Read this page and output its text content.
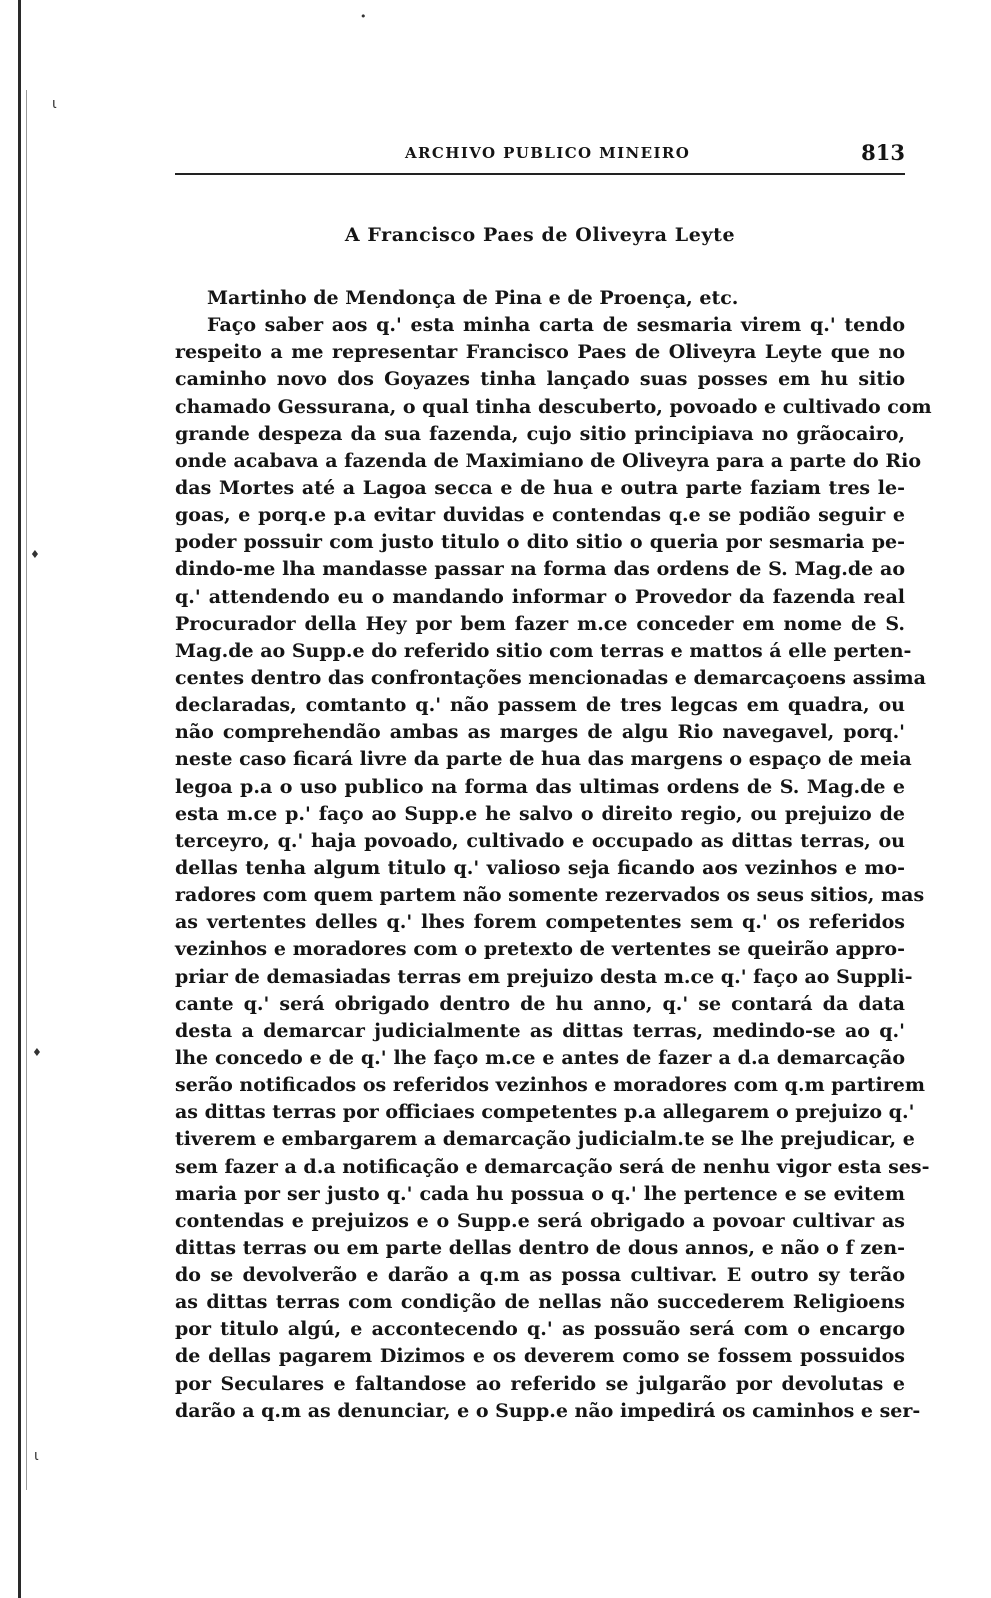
ɩ
•
♦
♦
ɩ
ARCHIVO PUBLICO MINEIRO	813
A Francisco Paes de Oliveyra Leyte
Martinho de Mendonça de Pina e de Proença, etc.
Faço saber aos q.' esta minha carta de sesmaria virem q.' tendo
respeito a me representar Francisco Paes de Oliveyra Leyte que no
caminho novo dos Goyazes tinha lançado suas posses em hu sitio
chamado Gessurana, o qual tinha descuberto, povoado e cultivado com
grande despeza da sua fazenda, cujo sitio principiava no grãocairo,
onde acabava a fazenda de Maximiano de Oliveyra para a parte do Rio
das Mortes até a Lagoa secca e de hua e outra parte faziam tres le-
goas, e porq.e p.a evitar duvidas e contendas q.e se podião seguir e
poder possuir com justo titulo o dito sitio o queria por sesmaria pe-
dindo-me lha mandasse passar na forma das ordens de S. Mag.de ao
q.' attendendo eu o mandando informar o Provedor da fazenda real
Procurador della Hey por bem fazer m.ce conceder em nome de S.
Mag.de ao Supp.e do referido sitio com terras e mattos á elle perten-
centes dentro das confrontações mencionadas e demarcaçoens assima
declaradas, comtanto q.' não passem de tres legcas em quadra, ou
não comprehendão ambas as marges de algu Rio navegavel, porq.'
neste caso ficará livre da parte de hua das margens o espaço de meia
legoa p.a o uso publico na forma das ultimas ordens de S. Mag.de e
esta m.ce p.' faço ao Supp.e he salvo o direito regio, ou prejuizo de
terceyro, q.' haja povoado, cultivado e occupado as dittas terras, ou
dellas tenha algum titulo q.' valioso seja ficando aos vezinhos e mo-
radores com quem partem não somente rezervados os seus sitios, mas
as vertentes delles q.' lhes forem competentes sem q.' os referidos
vezinhos e moradores com o pretexto de vertentes se queirão appro-
priar de demasiadas terras em prejuizo desta m.ce q.' faço ao Suppli-
cante q.' será obrigado dentro de hu anno, q.' se contará da data
desta a demarcar judicialmente as dittas terras, medindo-se ao q.'
lhe concedo e de q.' lhe faço m.ce e antes de fazer a d.a demarcação
serão notificados os referidos vezinhos e moradores com q.m partirem
as dittas terras por officiaes competentes p.a allegarem o prejuizo q.'
tiverem e embargarem a demarcação judicialm.te se lhe prejudicar, e
sem fazer a d.a notificação e demarcação será de nenhu vigor esta ses-
maria por ser justo q.' cada hu possua o q.' lhe pertence e se evitem
contendas e prejuizos e o Supp.e será obrigado a povoar cultivar as
dittas terras ou em parte dellas dentro de dous annos, e não o f zen-
do se devolverão e darão a q.m as possa cultivar. E outro sy terão
as dittas terras com condição de nellas não succederem Religioens
por titulo algú, e accontecendo q.' as possuão será com o encargo
de dellas pagarem Dizimos e os deverem como se fossem possuidos
por Seculares e faltandose ao referido se julgarão por devolutas e
darão a q.m as denunciar, e o Supp.e não impedirá os caminhos e ser-
